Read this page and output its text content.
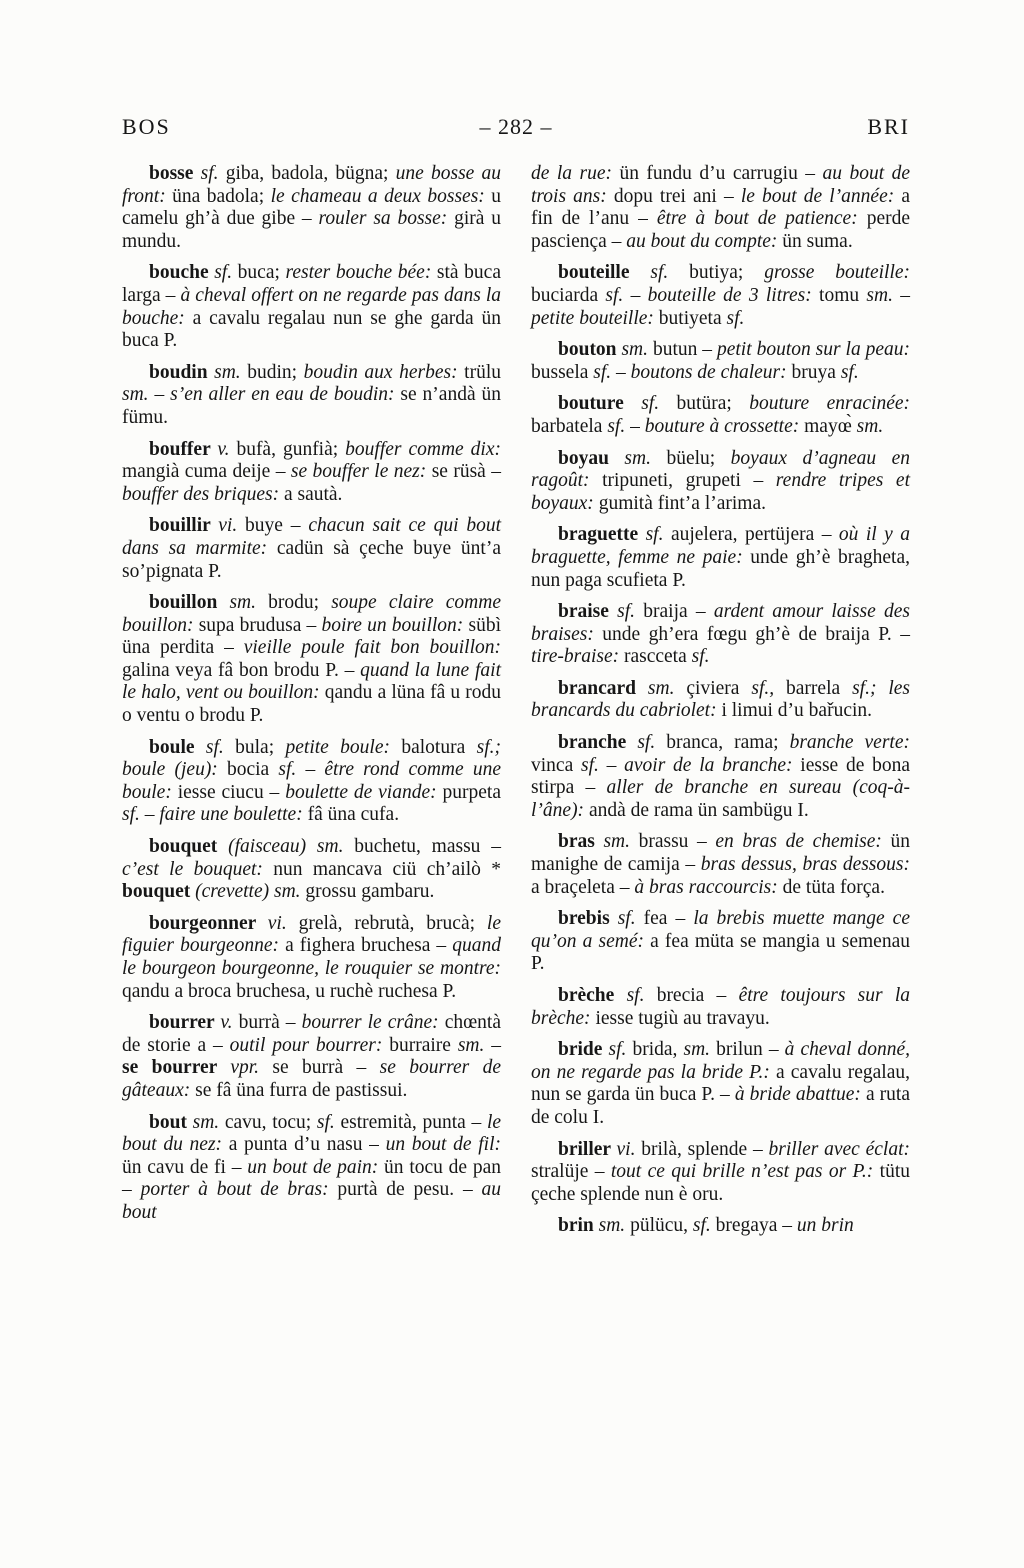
BOS	– 282 –	BRI

bosse sf. giba, badola, bügna; une bosse au front: üna badola; le chameau a deux bosses: u camelu gh’à due gibe – rouler sa bosse: girà u mundu.

bouche sf. buca; rester bouche bée: stà buca larga – à cheval offert on ne regarde pas dans la bouche: a cavalu regalau nun se ghe garda ün buca P.

boudin sm. budin; boudin aux herbes: trülu sm. – s’en aller en eau de boudin: se n’andà ün fümu.

bouffer v. bufà, gunfià; bouffer comme dix: mangià cuma deije – se bouffer le nez: se rüsà – bouffer des briques: a sautà.

bouillir vi. buye – chacun sait ce qui bout dans sa marmite: cadün sà çeche buye ünt’a so’pignata P.

bouillon sm. brodu; soupe claire comme bouillon: supa brudusa – boire un bouillon: sübì üna perdita – vieille poule fait bon bouillon: galina veya fâ bon brodu P. – quand la lune fait le halo, vent ou bouillon: qandu a lüna fâ u rodu o ventu o brodu P.

boule sf. bula; petite boule: balotura sf.; boule (jeu): bocia sf. – être rond comme une boule: iesse ciucu – boulette de viande: purpeta sf. – faire une boulette: fâ üna cufa.

bouquet (faisceau) sm. buchetu, massu – c’est le bouquet: nun mancava ciü ch’ailò * bouquet (crevette) sm. grossu gambaru.

bourgeonner vi. grelà, rebrutà, brucà; le figuier bourgeonne: a fighera bruchesa – quand le bourgeon bourgeonne, le rouquier se montre: qandu a broca bruchesa, u ruchè ruchesa P.

bourrer v. burrà – bourrer le crâne: chœntà de storie a – outil pour bourrer: burraire sm. – se bourrer vpr. se burrà – se bourrer de gâteaux: se fâ üna furra de pastissui.

bout sm. cavu, tocu; sf. estremità, punta – le bout du nez: a punta d’u nasu – un bout de fil: ün cavu de fi – un bout de pain: ün tocu de pan – porter à bout de bras: purtà de pesu. – au bout

de la rue: ün fundu d’u carrugiu – au bout de trois ans: dopu trei ani – le bout de l’année: a fin de l’anu – être à bout de patience: perde pasciença – au bout du compte: ün suma.

bouteille sf. butiya; grosse bouteille: buciarda sf. – bouteille de 3 litres: tomu sm. – petite bouteille: butiyeta sf.

bouton sm. butun – petit bouton sur la peau: bussela sf. – boutons de chaleur: bruya sf.

bouture sf. butüra; bouture enracinée: barbatela sf. – bouture à crossette: mayœ̀ sm.

boyau sm. büelu; boyaux d’agneau en ragoût: tripuneti, grupeti – rendre tripes et boyaux: gumità fint’a l’arima.

braguette sf. aujelera, pertüjera – où il y a braguette, femme ne paie: unde gh’è bragheta, nun paga scufieta P.

braise sf. braija – ardent amour laisse des braises: unde gh’era fœgu gh’è de braija P. – tire-braise: rascceta sf.

brancard sm. çiviera sf., barrela sf.; les brancards du cabriolet: i limui d’u bařucin.

branche sf. branca, rama; branche verte: vinca sf. – avoir de la branche: iesse de bona stirpa – aller de branche en sureau (coq-à-l’âne): andà de rama ün sambügu I.

bras sm. brassu – en bras de chemise: ün manighe de camija – bras dessus, bras dessous: a braçeleta – à bras raccourcis: de tüta força.

brebis sf. fea – la brebis muette mange ce qu’on a semé: a fea müta se mangia u semenau P.

brèche sf. brecia – être toujours sur la brèche: iesse tugiù au travayu.

bride sf. brida, sm. brilun – à cheval donné, on ne regarde pas la bride P.: a cavalu regalau, nun se garda ün buca P. – à bride abattue: a ruta de colu I.

briller vi. brilà, splende – briller avec éclat: stralüje – tout ce qui brille n’est pas or P.: tütu çeche splende nun è oru.

brin sm. pülücu, sf. bregaya – un brin
